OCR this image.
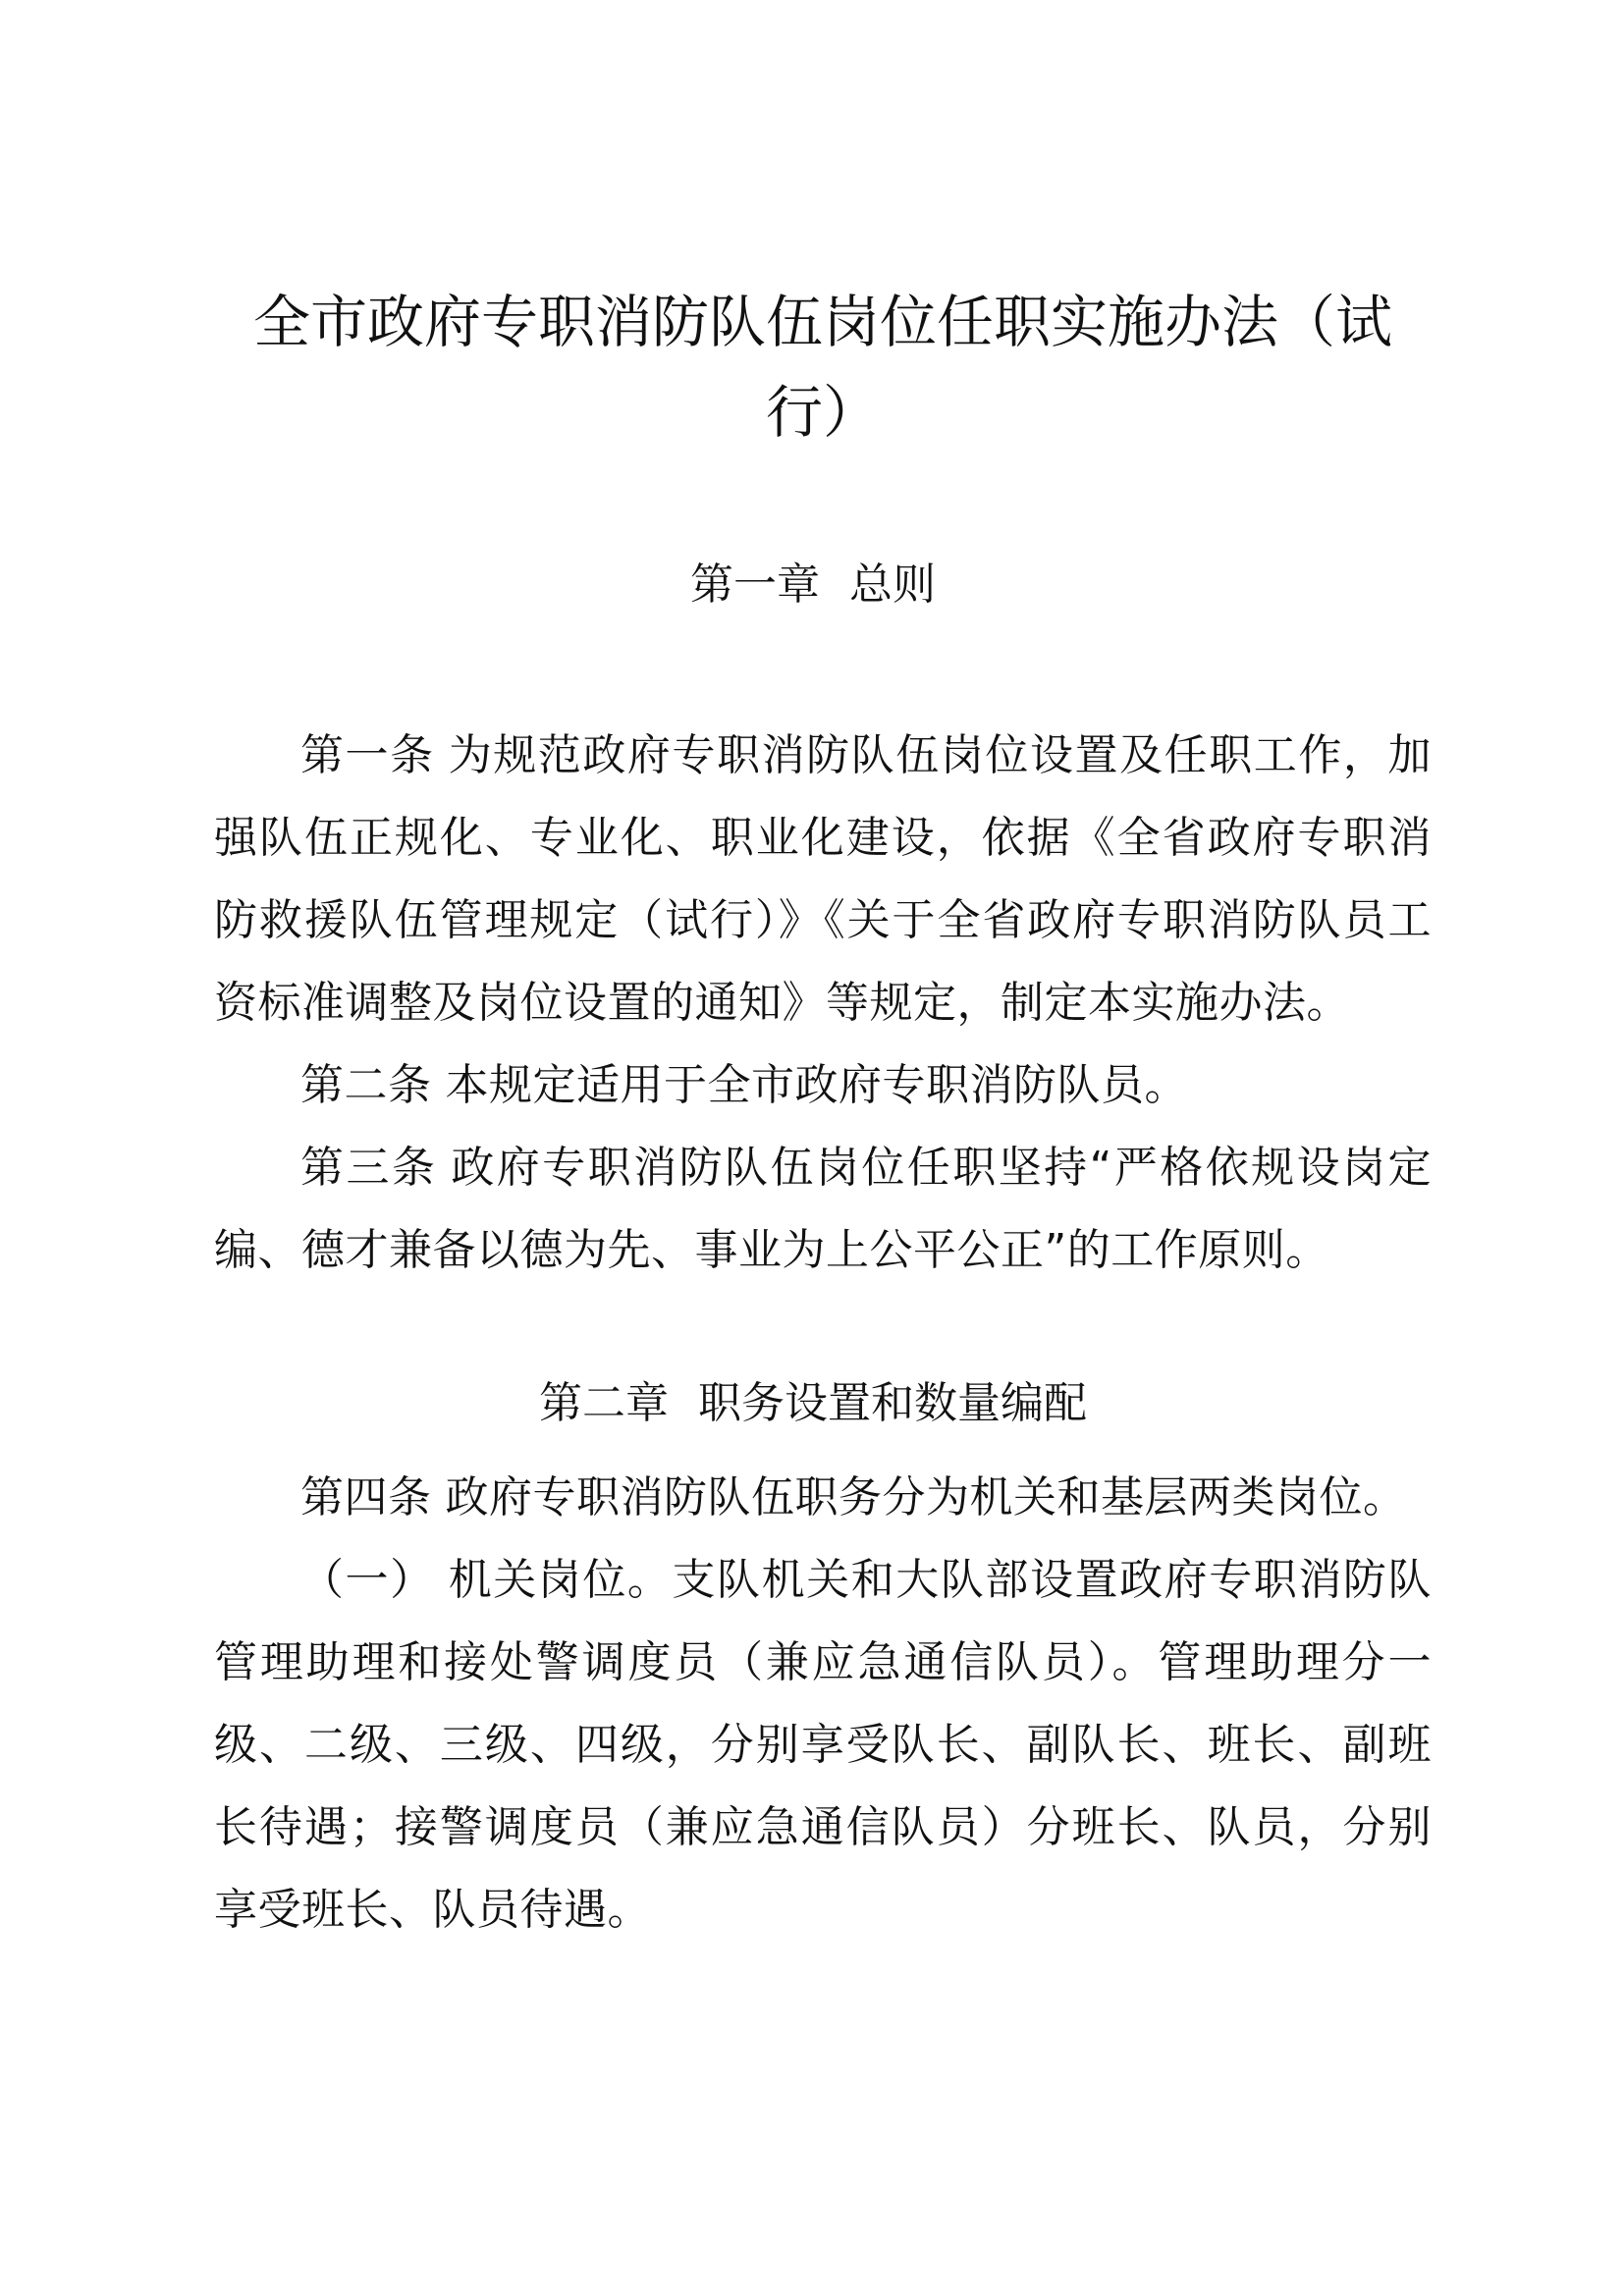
全市政府专职消防队伍岗位任职实施办法（试行）
第一章 总则

第一条 为规范政府专职消防队伍岗位设置及任职工作，加强队伍正规化、专业化、职业化建设，依据《全省政府专职消防救援队伍管理规定（试行）》《关于全省政府专职消防队员工资标准调整及岗位设置的通知》等规定，制定本实施办法。

第二条 本规定适用于全市政府专职消防队员。

第三条 政府专职消防队伍岗位任职坚持“严格依规设岗定编、德才兼备以德为先、事业为上公平公正”的工作原则。

第二章 职务设置和数量编配

第四条 政府专职消防队伍职务分为机关和基层两类岗位。

（一） 机关岗位。支队机关和大队部设置政府专职消防队管理助理和接处警调度员（兼应急通信队员）。管理助理分一级、二级、三级、四级，分别享受队长、副队长、班长、副班长待遇；接警调度员（兼应急通信队员）分班长、队员，分别享受班长、队员待遇。
